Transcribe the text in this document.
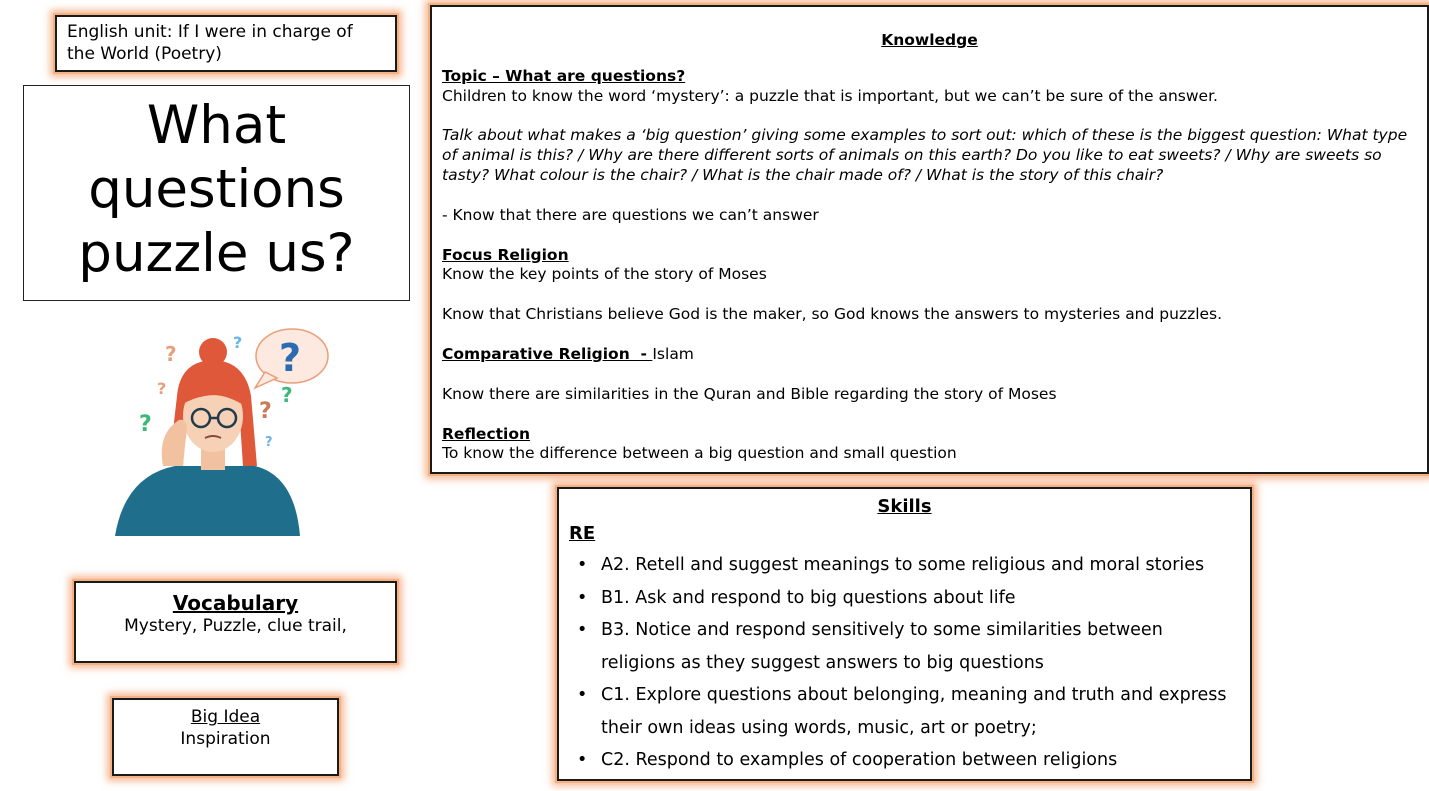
English unit: If I were in charge of
the World (Poetry)
What
questions
puzzle us?
?
?	?
?
?
?
?
?
Knowledge
Topic – What are questions?
Children to know the word ‘mystery’: a puzzle that is important, but we can’t be sure of the answer.
Talk about what makes a ‘big question’ giving some examples to sort out: which of these is the biggest question: What type of animal is this? / Why are there different sorts of animals on this earth? Do you like to eat sweets? / Why are sweets so tasty? What colour is the chair? / What is the chair made of? / What is the story of this chair?
- Know that there are questions we can’t answer
Focus Religion
Know the key points of the story of Moses
Know that Christians believe God is the maker, so God knows the answers to mysteries and puzzles.
Comparative Religion  - Islam
Know there are similarities in the Quran and Bible regarding the story of Moses
Reflection
To know the difference between a big question and small question
Vocabulary
Mystery, Puzzle, clue trail,
Big Idea
Inspiration
Skills
RE
• A2. Retell and suggest meanings to some religious and moral stories
• B1. Ask and respond to big questions about life
• B3. Notice and respond sensitively to some similarities between religions as they suggest answers to big questions
• C1. Explore questions about belonging, meaning and truth and express their own ideas using words, music, art or poetry;
• C2. Respond to examples of cooperation between religions
